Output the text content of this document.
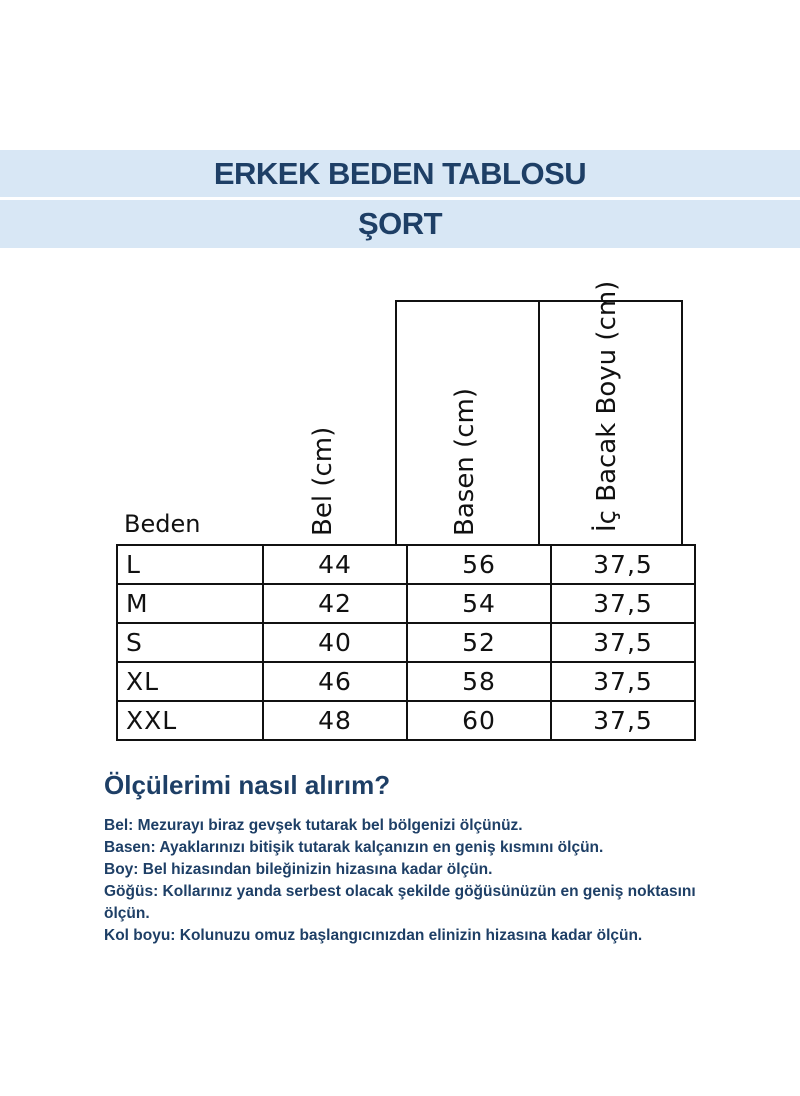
ERKEK BEDEN TABLOSU
ŞORT
Beden	Bel (cm)	Basen (cm)	İç Bacak Boyu (cm)
L	44	56	37,5
M	42	54	37,5
S	40	52	37,5
XL	46	58	37,5
XXL	48	60	37,5
Ölçülerimi nasıl alırım?
Bel: Mezurayı biraz gevşek tutarak bel bölgenizi ölçünüz.
Basen: Ayaklarınızı bitişik tutarak kalçanızın en geniş kısmını ölçün.
Boy: Bel hizasından bileğinizin hizasına kadar ölçün.
Göğüs: Kollarınız yanda serbest olacak şekilde göğüsünüzün en geniş noktasını ölçün.
Kol boyu: Kolunuzu omuz başlangıcınızdan elinizin hizasına kadar ölçün.
